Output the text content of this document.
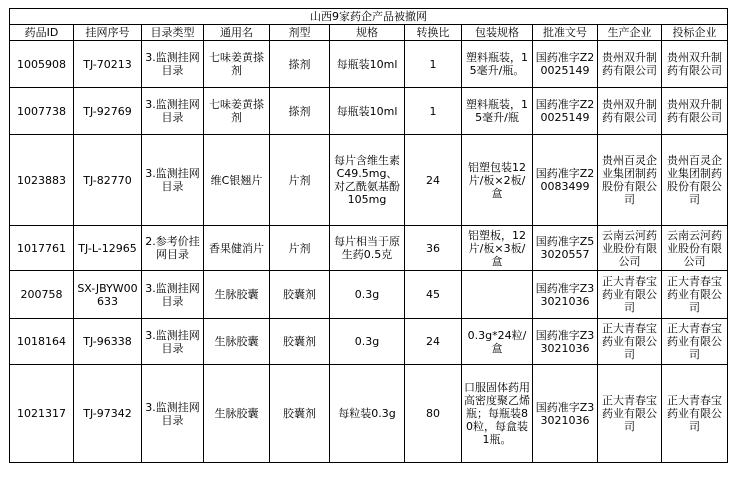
山西9家药企产品被撤网										
药品ID	挂网序号	目录类型	通用名	剂型	规格	转换比	包装规格	批准文号	生产企业	投标企业
1005908	TJ-70213	3.监测挂网目录	七味姜黄搽剂	搽剂	每瓶装10ml	1	塑料瓶装，15毫升/瓶。	国药准字Z20025149	贵州双升制药有限公司	贵州双升制药有限公司
1007738	TJ-92769	3.监测挂网目录	七味姜黄搽剂	搽剂	每瓶装10ml	1	塑料瓶装，15毫升/瓶	国药准字Z20025149	贵州双升制药有限公司	贵州双升制药有限公司
1023883	TJ-82770	3.监测挂网目录	维C银翘片	片剂	每片含维生素C49.5mg、对乙酰氨基酚105mg	24	铝塑包装12片/板×2板/盒	国药准字Z20083499	贵州百灵企业集团制药股份有限公司	贵州百灵企业集团制药股份有限公司
1017761	TJ-L-12965	2.参考价挂网目录	香果健消片	片剂	每片相当于原生药0.5克	36	铝塑板，12片/板×3板/盒	国药准字Z53020557	云南云河药业股份有限公司	云南云河药业股份有限公司
200758	SX-JBYW00633	3.监测挂网目录	生脉胶囊	胶囊剂	0.3g	45		国药准字Z33021036	正大青春宝药业有限公司	正大青春宝药业有限公司
1018164	TJ-96338	3.监测挂网目录	生脉胶囊	胶囊剂	0.3g	24	0.3g*24粒/盒	国药准字Z33021036	正大青春宝药业有限公司	正大青春宝药业有限公司
1021317	TJ-97342	3.监测挂网目录	生脉胶囊	胶囊剂	每粒装0.3g	80	口服固体药用高密度聚乙烯瓶；每瓶装80粒，每盒装1瓶。	国药准字Z33021036	正大青春宝药业有限公司	正大青春宝药业有限公司
